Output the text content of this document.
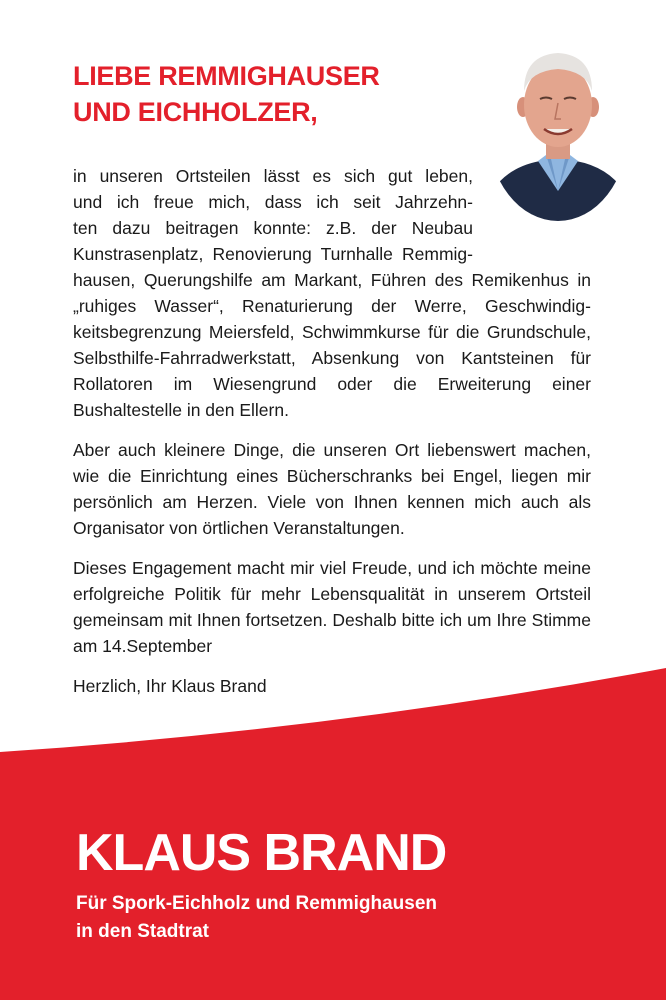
LIEBE REMMIGHAUSER
UND EICHHOLZER,

in unseren Ortsteilen lässt es sich gut leben,
und ich freue mich, dass ich seit Jahrzehn-
ten dazu beitragen konnte: z.B. der Neubau
Kunstrasenplatz, Renovierung Turnhalle Remmig-
hausen, Querungshilfe am Markant, Führen des Remikenhus in „ruhiges Wasser“, Renaturierung der Werre, Geschwindigkeitsbegrenzung Meiersfeld, Schwimmkurse für die Grundschule, Selbsthilfe-Fahrradwerkstatt, Absenkung von Kantsteinen für Rollatoren im Wiesengrund oder die Erweiterung einer Bushaltestelle in den Ellern.

Aber auch kleinere Dinge, die unseren Ort liebenswert machen, wie die Einrichtung eines Bücherschranks bei Engel, liegen mir persönlich am Herzen. Viele von Ihnen kennen mich auch als Organisator von örtlichen Veranstaltungen.

Dieses Engagement macht mir viel Freude, und ich möchte meine erfolgreiche Politik für mehr Lebensqualität in unserem Ortsteil gemeinsam mit Ihnen fortsetzen. Deshalb bitte ich um Ihre Stimme am 14.September

Herzlich, Ihr Klaus Brand

KLAUS BRAND

Für Spork-Eichholz und Remmighausen
in den Stadtrat
